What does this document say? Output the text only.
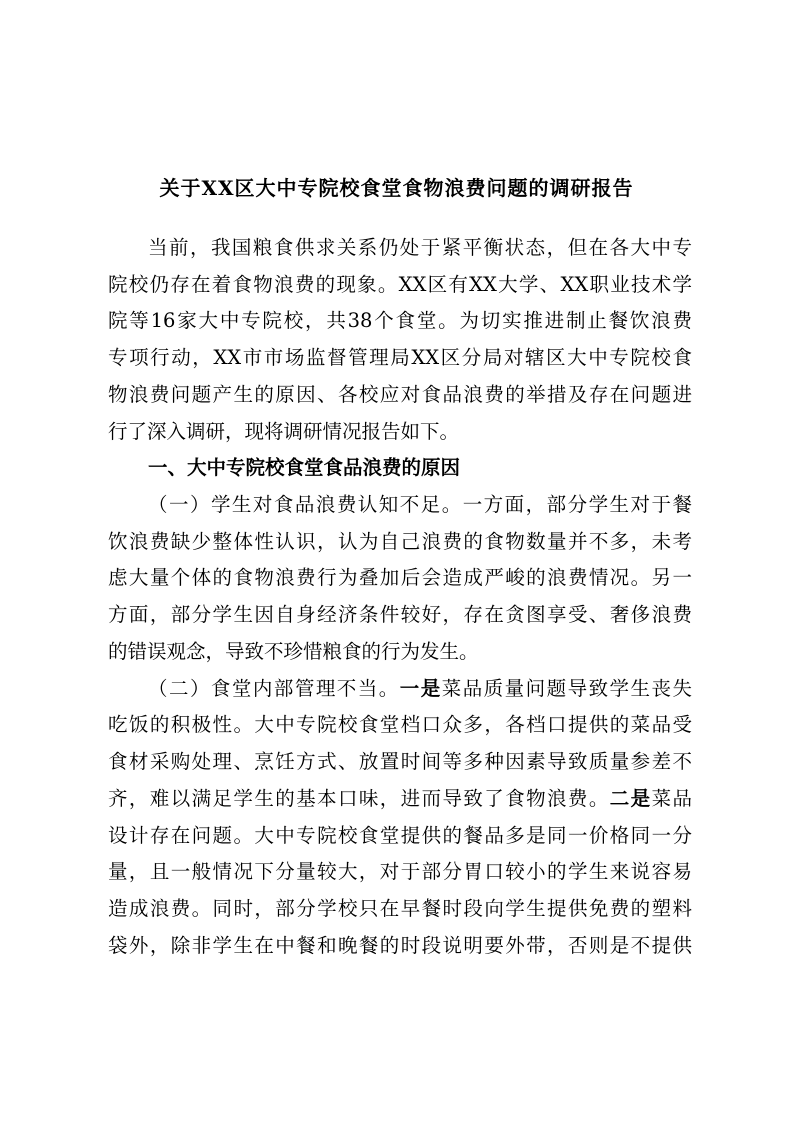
关于XX区大中专院校食堂食物浪费问题的调研报告
当前，我国粮食供求关系仍处于紧平衡状态，但在各大中专
院校仍存在着食物浪费的现象。XX区有XX大学、XX职业技术学
院等16家大中专院校，共38个食堂。为切实推进制止餐饮浪费
专项行动，XX市市场监督管理局XX区分局对辖区大中专院校食
物浪费问题产生的原因、各校应对食品浪费的举措及存在问题进
行了深入调研，现将调研情况报告如下。
一、大中专院校食堂食品浪费的原因
（一）学生对食品浪费认知不足。一方面，部分学生对于餐
饮浪费缺少整体性认识，认为自己浪费的食物数量并不多，未考
虑大量个体的食物浪费行为叠加后会造成严峻的浪费情况。另一
方面，部分学生因自身经济条件较好，存在贪图享受、奢侈浪费
的错误观念，导致不珍惜粮食的行为发生。
（二）食堂内部管理不当。一是菜品质量问题导致学生丧失
吃饭的积极性。大中专院校食堂档口众多，各档口提供的菜品受
食材采购处理、烹饪方式、放置时间等多种因素导致质量参差不
齐，难以满足学生的基本口味，进而导致了食物浪费。二是菜品
设计存在问题。大中专院校食堂提供的餐品多是同一价格同一分
量，且一般情况下分量较大，对于部分胃口较小的学生来说容易
造成浪费。同时，部分学校只在早餐时段向学生提供免费的塑料
袋外，除非学生在中餐和晚餐的时段说明要外带，否则是不提供
